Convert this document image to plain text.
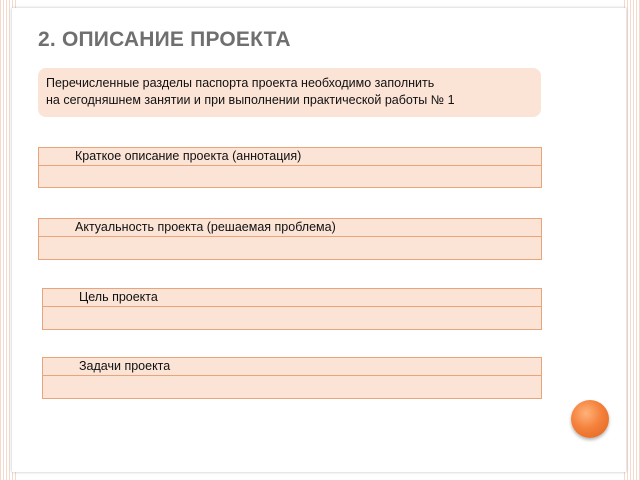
2. ОПИСАНИЕ ПРОЕКТА
Перечисленные разделы паспорта проекта необходимо заполнить
на сегодняшнем занятии и при выполнении практической работы № 1
Краткое описание проекта (аннотация)
Актуальность проекта (решаемая проблема)
Цель проекта
Задачи проекта
